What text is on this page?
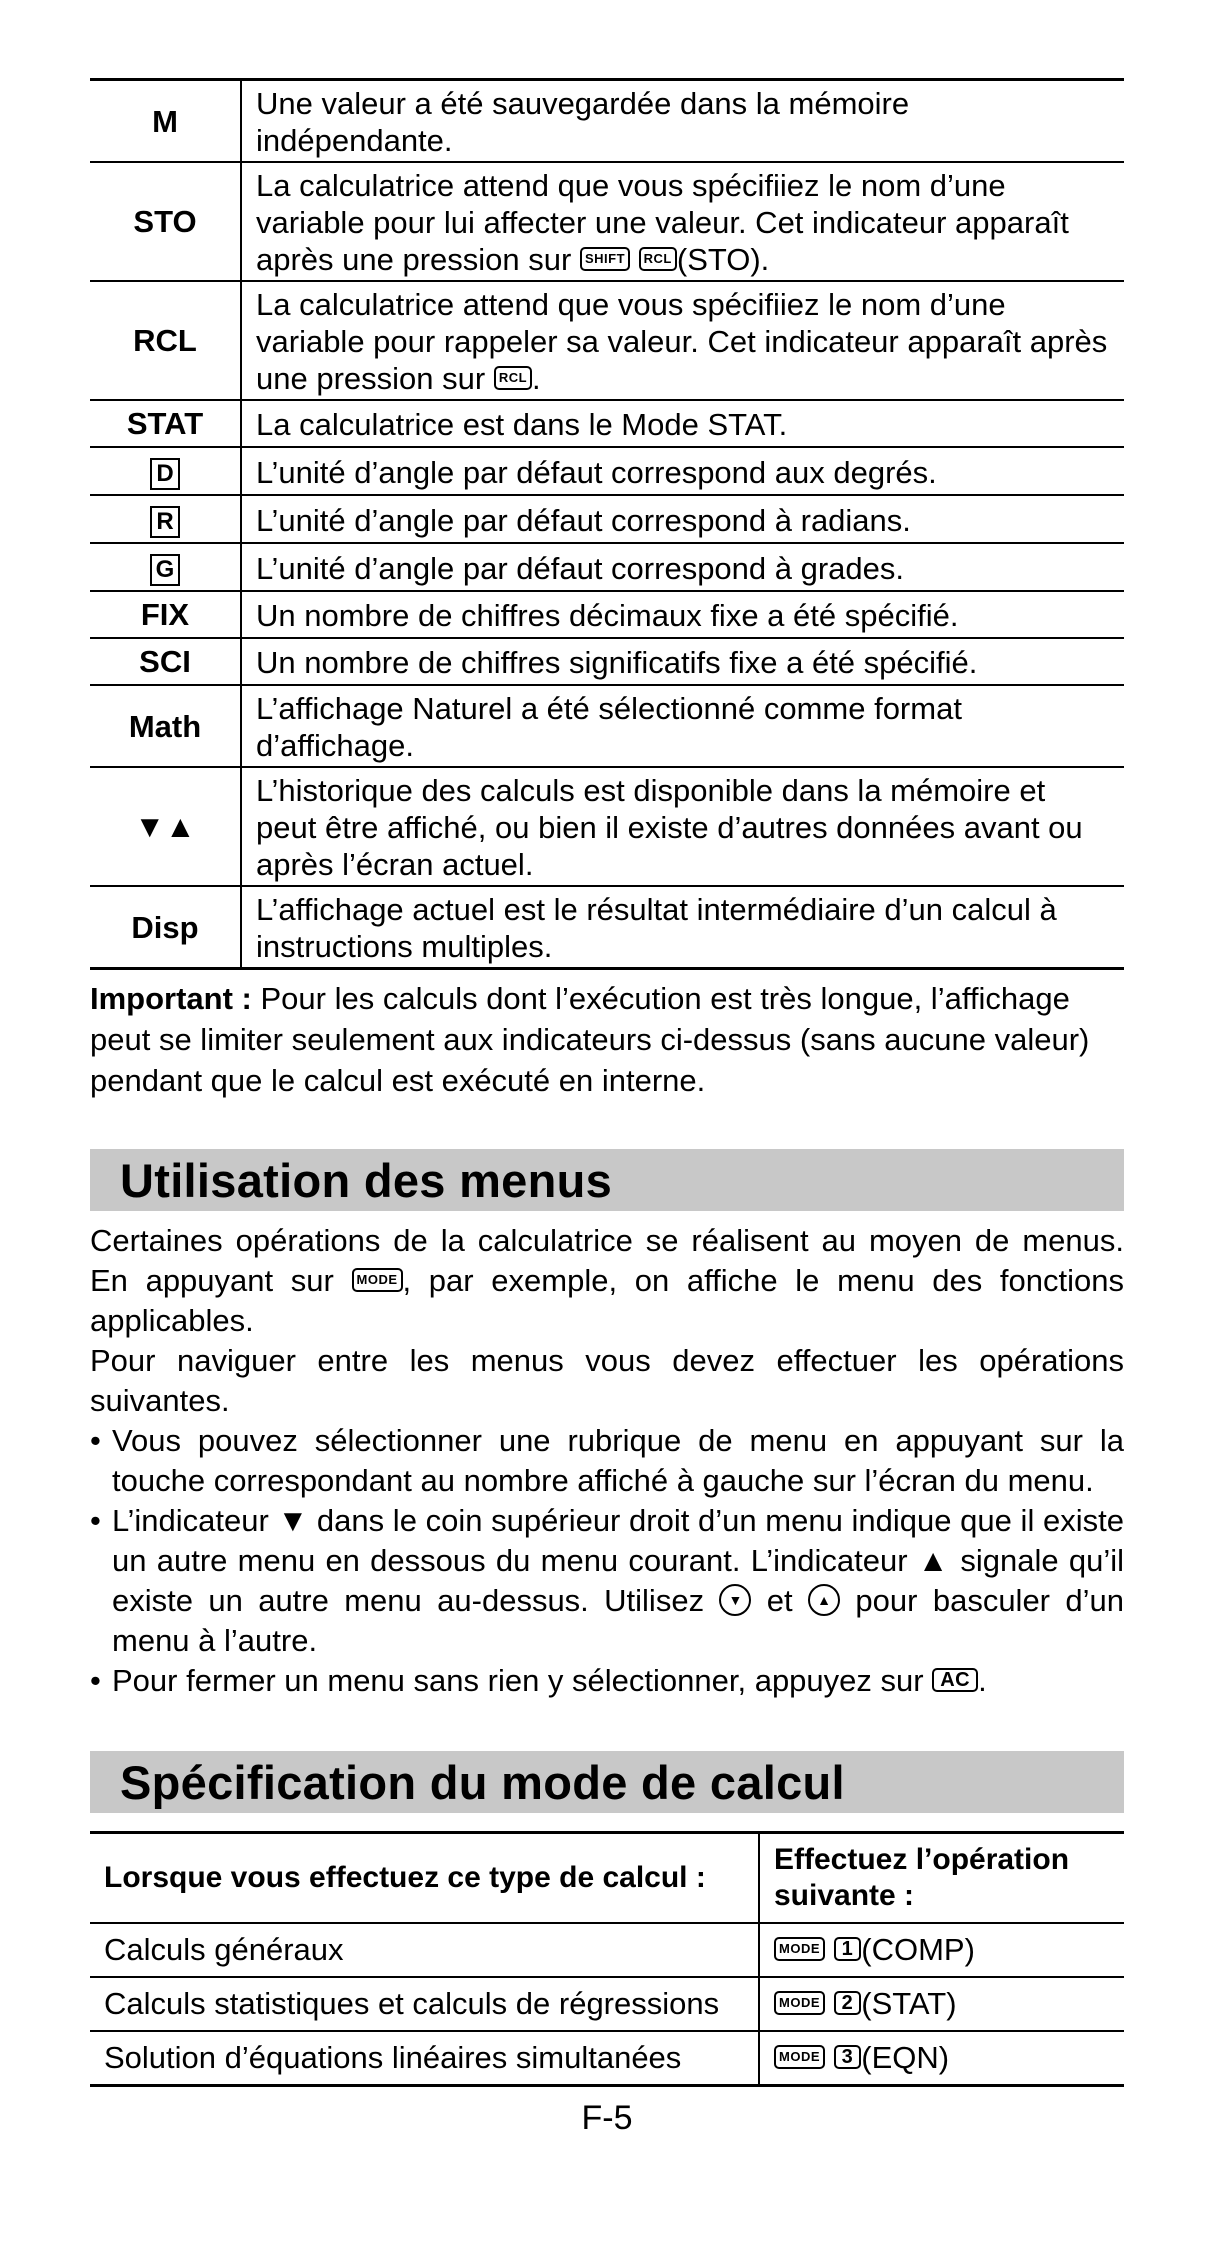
M	Une valeur a été sauvegardée dans la mémoire indépendante.
STO	La calculatrice attend que vous spécifiiez le nom d’une variable pour lui affecter une valeur. Cet indicateur apparaît après une pression sur SHIFT RCL (STO).
RCL	La calculatrice attend que vous spécifiiez le nom d’une variable pour rappeler sa valeur. Cet indicateur apparaît après une pression sur RCL .
STAT	La calculatrice est dans le Mode STAT.
D	L’unité d’angle par défaut correspond aux degrés.
R	L’unité d’angle par défaut correspond à radians.
G	L’unité d’angle par défaut correspond à grades.
FIX	Un nombre de chiffres décimaux fixe a été spécifié.
SCI	Un nombre de chiffres significatifs fixe a été spécifié.
Math	L’affichage Naturel a été sélectionné comme format d’affichage.
▼▲	L’historique des calculs est disponible dans la mémoire et peut être affiché, ou bien il existe d’autres données avant ou après l’écran actuel.
Disp	L’affichage actuel est le résultat intermédiaire d’un calcul à instructions multiples.
Important : Pour les calculs dont l’exécution est très longue, l’affichage peut se limiter seulement aux indicateurs ci-dessus (sans aucune valeur) pendant que le calcul est exécuté en interne.
Utilisation des menus
Certaines opérations de la calculatrice se réalisent au moyen de menus. En appuyant sur MODE , par exemple, on affiche le menu des fonctions applicables.
Pour naviguer entre les menus vous devez effectuer les opérations suivantes.
• Vous pouvez sélectionner une rubrique de menu en appuyant sur la touche correspondant au nombre affiché à gauche sur l’écran du menu.
• L’indicateur ▼ dans le coin supérieur droit d’un menu indique que il existe un autre menu en dessous du menu courant. L’indicateur ▲ signale qu’il existe un autre menu au-dessus. Utilisez ▼ et ▲ pour basculer d’un menu à l’autre.
• Pour fermer un menu sans rien y sélectionner, appuyez sur AC .
Spécification du mode de calcul
Lorsque vous effectuez ce type de calcul :	Effectuez l’opération suivante :
Calculs généraux	MODE 1 (COMP)
Calculs statistiques et calculs de régressions	MODE 2 (STAT)
Solution d’équations linéaires simultanées	MODE 3 (EQN)
F-5
